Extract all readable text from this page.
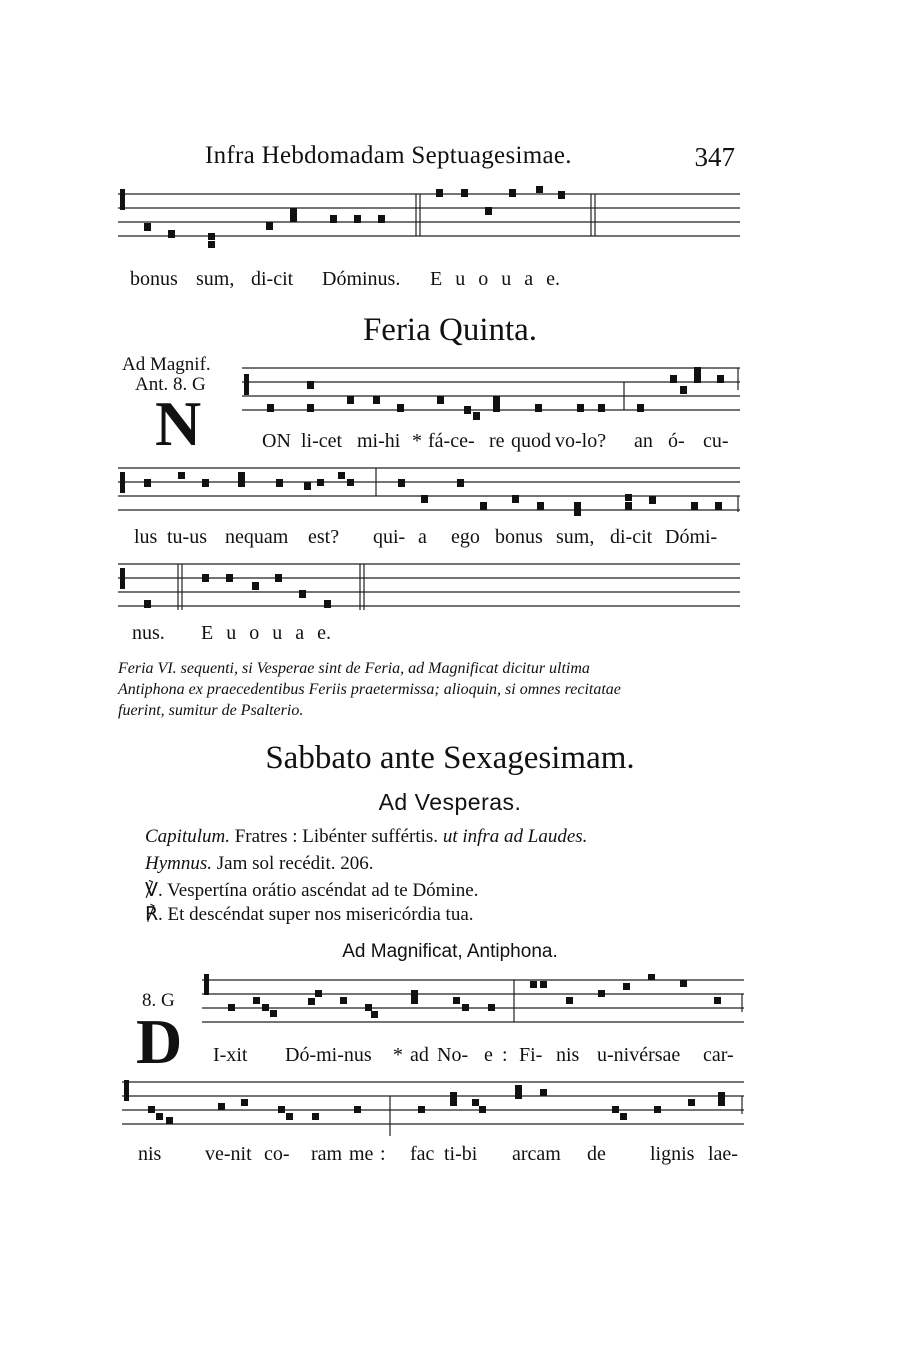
Infra Hebdomadam Septuagesimae.	347
bonus sum, di-cit Dóminus. E u o u a e.
Feria Quinta.
Ad Magnif.
Ant. 8. G
N	ON li-cet mi-hi * fá-ce- re quod vo-lo? an ó- cu-
lus tu-us nequam est? qui- a ego bonus sum, di-cit Dómi-
nus. E u o u a e.
Feria VI. sequenti, si Vesperae sint de Feria, ad Magnificat dicitur ultima
Antiphona ex praecedentibus Feriis praetermissa; alioquin, si omnes recitatae
fuerint, sumitur de Psalterio.
Sabbato ante Sexagesimam.
Ad Vesperas.
Capitulum. Fratres : Libénter suffértis. ut infra ad Laudes.
Hymnus. Jam sol recédit. 206.
℣. Vespertína orátio ascéndat ad te Dómine.
℟. Et descéndat super nos misericórdia tua.
Ad Magnificat, Antiphona.
8. G
D I-xit Dó-mi-nus * ad No- e : Fi- nis u-nivérsae car-
nis ve-nit co- ram me : fac ti-bi arcam de lignis lae-
